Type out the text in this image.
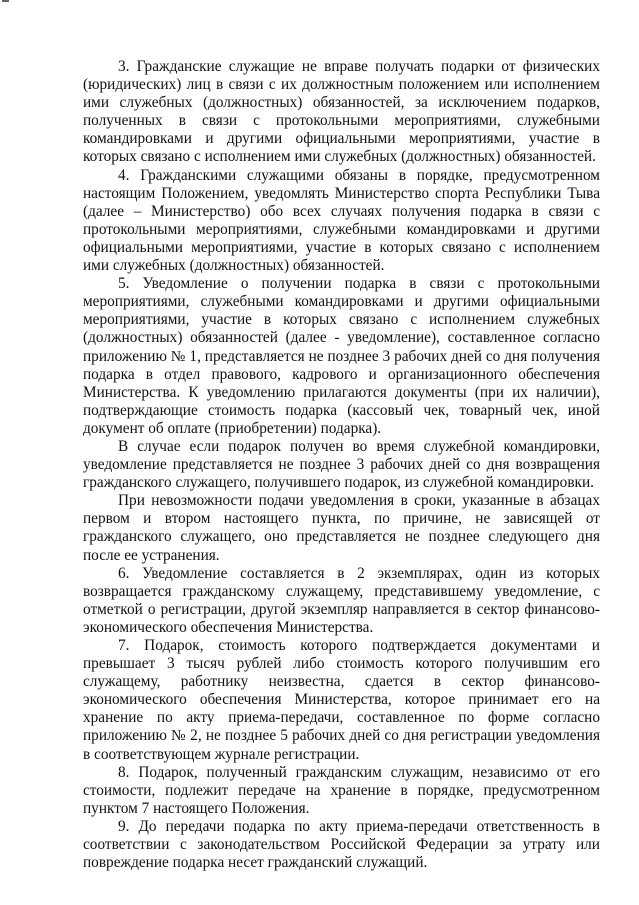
3. Гражданские служащие не вправе получать подарки от физических (юридических) лиц в связи с их должностным положением или исполнением ими служебных (должностных) обязанностей, за исключением подарков, полученных в связи с протокольными мероприятиями, служебными командировками и другими официальными мероприятиями, участие в которых связано с исполнением ими служебных (должностных) обязанностей.

4. Гражданскими служащими обязаны в порядке, предусмотренном настоящим Положением, уведомлять Министерство спорта Республики Тыва (далее – Министерство) обо всех случаях получения подарка в связи с протокольными мероприятиями, служебными командировками и другими официальными мероприятиями, участие в которых связано с исполнением ими служебных (должностных) обязанностей.

5. Уведомление о получении подарка в связи с протокольными мероприятиями, служебными командировками и другими официальными мероприятиями, участие в которых связано с исполнением служебных (должностных) обязанностей (далее - уведомление), составленное согласно приложению № 1, представляется не позднее 3 рабочих дней со дня получения подарка в отдел правового, кадрового и организационного обеспечения Министерства. К уведомлению прилагаются документы (при их наличии), подтверждающие стоимость подарка (кассовый чек, товарный чек, иной документ об оплате (приобретении) подарка).

В случае если подарок получен во время служебной командировки, уведомление представляется не позднее 3 рабочих дней со дня возвращения гражданского служащего, получившего подарок, из служебной командировки.

При невозможности подачи уведомления в сроки, указанные в абзацах первом и втором настоящего пункта, по причине, не зависящей от гражданского служащего, оно представляется не позднее следующего дня после ее устранения.

6. Уведомление составляется в 2 экземплярах, один из которых возвращается гражданскому служащему, представившему уведомление, с отметкой о регистрации, другой экземпляр направляется в сектор финансово-экономического обеспечения Министерства.

7. Подарок, стоимость которого подтверждается документами и превышает 3 тысяч рублей либо стоимость которого получившим его служащему, работнику неизвестна, сдается в сектор финансово-экономического обеспечения Министерства, которое принимает его на хранение по акту приема-передачи, составленное по форме согласно приложению № 2, не позднее 5 рабочих дней со дня регистрации уведомления в соответствующем журнале регистрации.

8. Подарок, полученный гражданским служащим, независимо от его стоимости, подлежит передаче на хранение в порядке, предусмотренном пунктом 7 настоящего Положения.

9. До передачи подарка по акту приема-передачи ответственность в соответствии с законодательством Российской Федерации за утрату или повреждение подарка несет гражданский служащий.
